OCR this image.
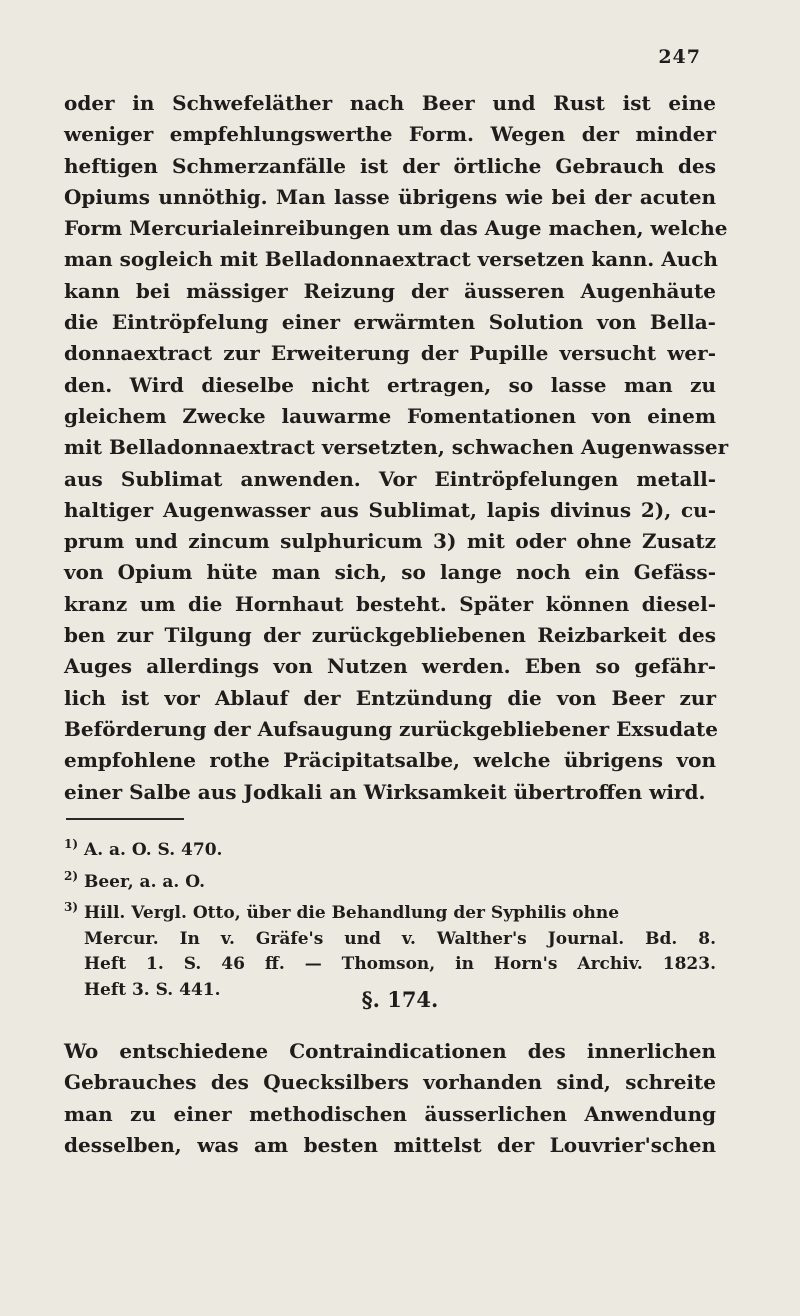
247
oder in Schwefeläther nach Beer und Rust ist eine
weniger empfehlungswerthe Form. Wegen der minder
heftigen Schmerzanfälle ist der örtliche Gebrauch des
Opiums unnöthig. Man lasse übrigens wie bei der acuten
Form Mercurialeinreibungen um das Auge machen, welche
man sogleich mit Belladonnaextract versetzen kann. Auch
kann bei mässiger Reizung der äusseren Augenhäute
die Eintröpfelung einer erwärmten Solution von Bella-
donnaextract zur Erweiterung der Pupille versucht wer-
den. Wird dieselbe nicht ertragen, so lasse man zu
gleichem Zwecke lauwarme Fomentationen von einem
mit Belladonnaextract versetzten, schwachen Augenwasser
aus Sublimat anwenden. Vor Eintröpfelungen metall-
haltiger Augenwasser aus Sublimat, lapis divinus 2), cu-
prum und zincum sulphuricum 3) mit oder ohne Zusatz
von Opium hüte man sich, so lange noch ein Gefäss-
kranz um die Hornhaut besteht. Später können diesel-
ben zur Tilgung der zurückgebliebenen Reizbarkeit des
Auges allerdings von Nutzen werden. Eben so gefähr-
lich ist vor Ablauf der Entzündung die von Beer zur
Beförderung der Aufsaugung zurückgebliebener Exsudate
empfohlene rothe Präcipitatsalbe, welche übrigens von
einer Salbe aus Jodkali an Wirksamkeit übertroffen wird.
1) A. a. O. S. 470.
2) Beer, a. a. O.
3) Hill. Vergl. Otto, über die Behandlung der Syphilis ohne
Mercur. In v. Gräfe's und v. Walther's Journal. Bd. 8.
Heft 1. S. 46 ff. — Thomson, in Horn's Archiv. 1823.
Heft 3. S. 441.	§. 174.
Wo entschiedene Contraindicationen des innerlichen
Gebrauches des Quecksilbers vorhanden sind, schreite
man zu einer methodischen äusserlichen Anwendung
desselben, was am besten mittelst der Louvrier'schen
